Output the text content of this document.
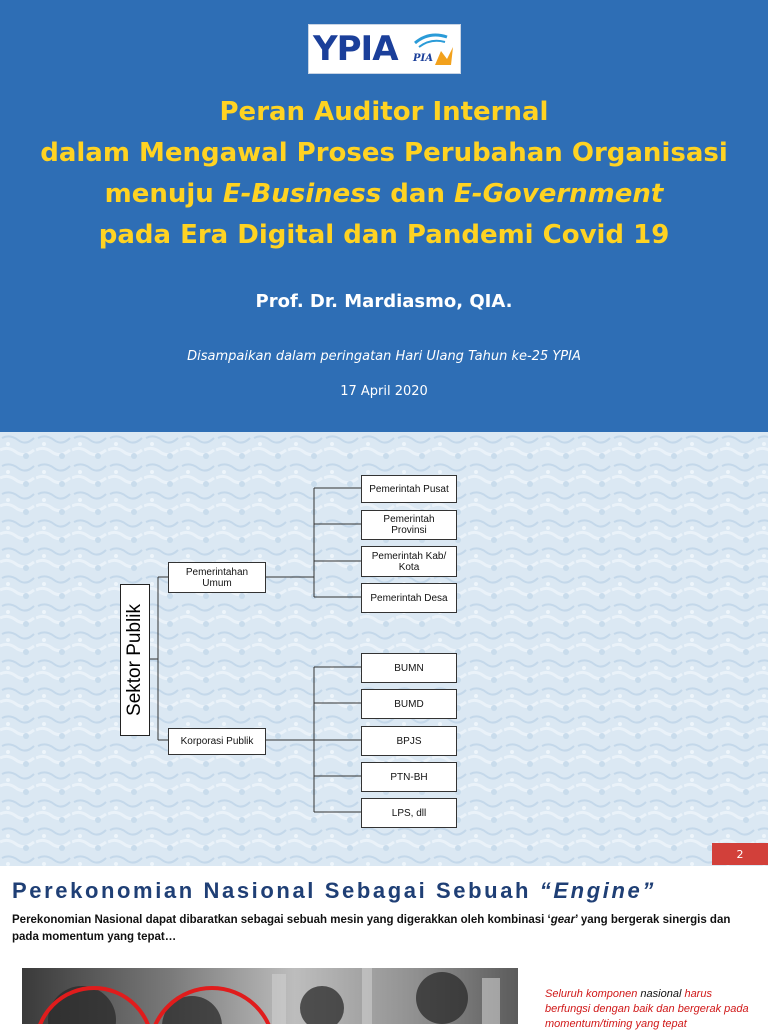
YPIA PIA
Peran Auditor Internal
dalam Mengawal Proses Perubahan Organisasi
menuju E-Business dan E-Government
pada Era Digital dan Pandemi Covid 19
Prof. Dr. Mardiasmo, QIA.
Disampaikan dalam peringatan Hari Ulang Tahun ke-25 YPIA
17 April 2020
Sektor Publik
Pemerintahan
Umum
Korporasi Publik
Pemerintah Pusat
Pemerintah
Provinsi
Pemerintah Kab/
Kota
Pemerintah Desa
BUMN
BUMD
BPJS
PTN-BH
LPS, dll
2
Perekonomian Nasional Sebagai Sebuah “Engine”
Perekonomian Nasional dapat dibaratkan sebagai sebuah mesin yang digerakkan oleh kombinasi ‘gear’ yang bergerak sinergis dan pada momentum yang tepat…
Seluruh komponen nasional harus berfungsi dengan baik dan bergerak pada momentum/timing yang tepat
